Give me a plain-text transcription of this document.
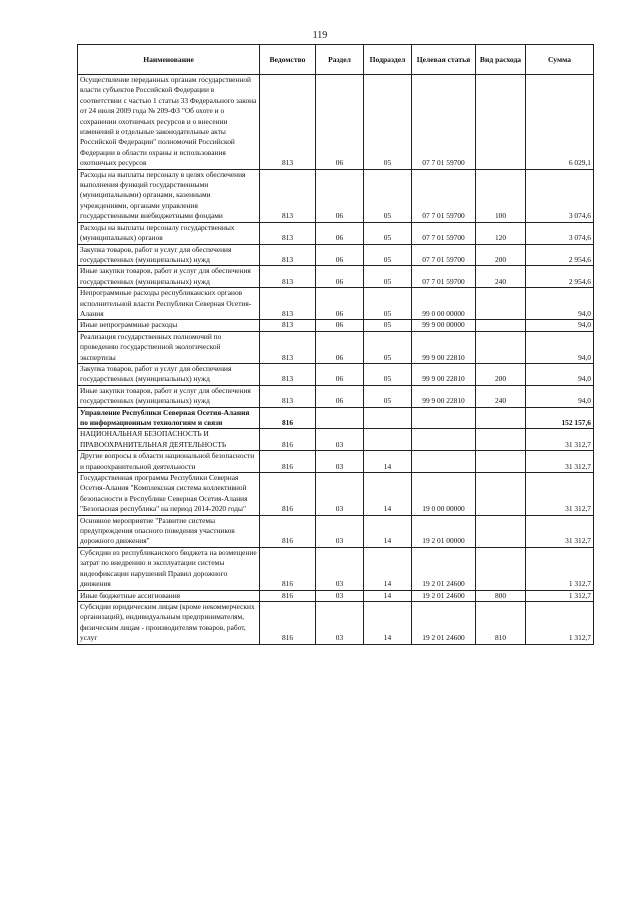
119
Наименование	Ведомство	Раздел	Подраздел	Целевая статья	Вид расхода	Сумма
Осуществление переданных органам государственной власти субъектов Российской Федерации в соответствии с частью 1 статьи 33 Федерального закона от 24 июля 2009 года № 209-ФЗ "Об охоте и о сохранении охотничьих ресурсов и о внесении изменений в отдельные законодательные акты Российской Федерации" полномочий Российской Федерации в области охраны и использования охотничьих ресурсов	813	06	05	07 7 01 59700		6 029,1
Расходы на выплаты персоналу в целях обеспечения выполнения функций государственными (муниципальными) органами, казенными учреждениями, органами управления государственными внебюджетными фондами	813	06	05	07 7 01 59700	100	3 074,6
Расходы на выплаты персоналу государственных (муниципальных) органов	813	06	05	07 7 01 59700	120	3 074,6
Закупка товаров, работ и услуг для обеспечения государственных (муниципальных) нужд	813	06	05	07 7 01 59700	200	2 954,6
Иные закупки товаров, работ и услуг для обеспечения государственных (муниципальных) нужд	813	06	05	07 7 01 59700	240	2 954,6
Непрограммные расходы республиканских органов исполнительной власти Республики Северная Осетия-Алания	813	06	05	99 0 00 00000		94,0
Иные непрограммные расходы	813	06	05	99 9 00 00000		94,0
Реализация государственных полномочий по проведению государственной экологической экспертизы	813	06	05	99 9 00 22810		94,0
Закупка товаров, работ и услуг для обеспечения государственных (муниципальных) нужд	813	06	05	99 9 00 22810	200	94,0
Иные закупки товаров, работ и услуг для обеспечения государственных (муниципальных) нужд	813	06	05	99 9 00 22810	240	94,0
Управление Республики Северная Осетия-Алания по информационным технологиям и связи	816					152 157,6
НАЦИОНАЛЬНАЯ БЕЗОПАСНОСТЬ И ПРАВООХРАНИТЕЛЬНАЯ ДЕЯТЕЛЬНОСТЬ	816	03				31 312,7
Другие вопросы в области национальной безопасности и правоохранительной деятельности	816	03	14			31 312,7
Государственная программа Республики Северная Осетия-Алания "Комплексная система коллективной безопасности в Республике Северная Осетия-Алания "Безопасная республика" на период 2014-2020 годы"	816	03	14	19 0 00 00000		31 312,7
Основное мероприятие "Развитие системы предупреждения опасного поведения участников дорожного движения"	816	03	14	19 2 01 00000		31 312,7
Субсидии из республиканского бюджета на возмещение затрат по внедрению и эксплуатации системы видеофиксации нарушений Правил дорожного движения	816	03	14	19 2 01 24600		1 312,7
Иные бюджетные ассигнования	816	03	14	19 2 01 24600	800	1 312,7
Субсидии юридическим лицам (кроме некоммерческих организаций), индивидуальным предпринимателям, физическим лицам - производителям товаров, работ, услуг	816	03	14	19 2 01 24600	810	1 312,7
